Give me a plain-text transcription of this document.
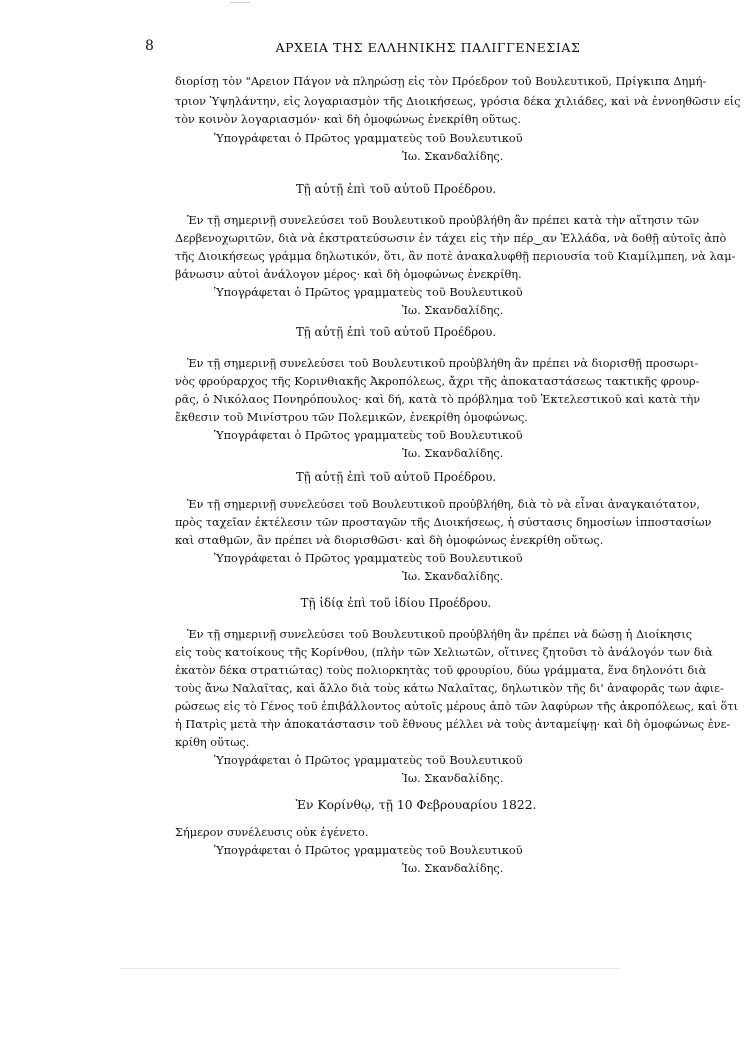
8	ΑΡΧΕΙΑ ΤΗΣ ΕΛΛΗΝΙΚΗΣ ΠΑΛΙΓΓΕΝΕΣΙΑΣ
διορίσῃ τὸν "Αρειον Πάγον νὰ πληρώσῃ εἰς τὸν Πρόεδρον τοῦ Βουλευτικοῦ, Πρίγκιπα Δημή-
τριον Ὑψηλάντην, εἰς λογαριασμὸν τῆς Διοικήσεως, γρόσια δέκα χιλιάδες, καὶ νὰ ἐννοηθῶσιν εἰς
τὸν κοινὸν λογαριασμόν· καὶ δὴ ὁμοφώνως ἐνεκρίθη οὕτως.
Ὑπογράφεται ὁ Πρῶτος γραμματεὺς τοῦ Βουλευτικοῦ
Ἰω. Σκανδαλίδης.
Τῇ αὐτῇ ἐπὶ τοῦ αὐτοῦ Προέδρου.
Ἐν τῇ σημερινῇ συνελεύσει τοῦ Βουλευτικοῦ προὐβλήθη ἂν πρέπει κατὰ τὴν αἴτησιν τῶν
Δερβενοχωριτῶν, διὰ νὰ ἐκστρατεύσωσιν ἐν τάχει εἰς τὴν πέρ‿αν Ἑλλάδα, νὰ δοθῇ αὐτοῖς ἀπὸ
τῆς Διοικήσεως γράμμα δηλωτικόν, ὅτι, ἂν ποτὲ ἀνακαλυφθῇ περιουσία τοῦ Κιαμίλμπεη, νὰ λαμ-
βάνωσιν αὐτοὶ ἀνάλογον μέρος· καὶ δὴ ὁμοφώνως ἐνεκρίθη.
Ὑπογράφεται ὁ Πρῶτος γραμματεὺς τοῦ Βουλευτικοῦ
Ἰω. Σκανδαλίδης.
Τῇ αὐτῇ ἐπὶ τοῦ αὐτοῦ Προέδρου.
Ἐν τῇ σημερινῇ συνελεύσει τοῦ Βουλευτικοῦ προὐβλήθη ἂν πρέπει νὰ διορισθῇ προσωρι-
νὸς φρούραρχος τῆς Κορινθιακῆς Ἀκροπόλεως, ἄχρι τῆς ἀποκαταστάσεως τακτικῆς φρουρ-
ρᾶς, ὁ Νικόλαος Πονηρόπουλος· καὶ δή, κατὰ τὸ πρόβλημα τοῦ Ἐκτελεστικοῦ καὶ κατὰ τὴν
ἔκθεσιν τοῦ Μινίστρου τῶν Πολεμικῶν, ἐνεκρίθη ὁμοφώνως.
Ὑπογράφεται ὁ Πρῶτος γραμματεὺς τοῦ Βουλευτικοῦ
Ἰω. Σκανδαλίδης.
Τῇ αὐτῇ ἐπὶ τοῦ αὐτοῦ Προέδρου.
Ἐν τῇ σημερινῇ συνελεύσει τοῦ Βουλευτικοῦ προὐβλήθη, διὰ τὸ νὰ εἶναι ἀναγκαιότατον,
πρὸς ταχεῖαν ἐκτέλεσιν τῶν προσταγῶν τῆς Διοικήσεως, ἡ σύστασις δημοσίων ἱπποστασίων
καὶ σταθμῶν, ἂν πρέπει νὰ διορισθῶσι· καὶ δὴ ὁμοφώνως ἐνεκρίθη οὕτως.
Ὑπογράφεται ὁ Πρῶτος γραμματεὺς τοῦ Βουλευτικοῦ
Ἰω. Σκανδαλίδης.
Τῇ ἰδίᾳ ἐπὶ τοῦ ἰδίου Προέδρου.
Ἐν τῇ σημερινῇ συνελεύσει τοῦ Βουλευτικοῦ προὐβλήθη ἂν πρέπει νὰ δώσῃ ἡ Διοίκησις
εἰς τοὺς κατοίκους τῆς Κορίνθου, (πλὴν τῶν Χελιωτῶν, οἵτινες ζητοῦσι τὸ ἀνάλογόν των διὰ
ἑκατὸν δέκα στρατιώτας) τοὺς πολιορκητὰς τοῦ φρουρίου, δύω γράμματα, ἕνα δηλονότι διὰ
τοὺς ἄνω Ναλαῖτας, καὶ ἄλλο διὰ τοὺς κάτω Ναλαῖτας, δηλωτικὸν τῆς δι' ἀναφορᾶς των ἀφιε-
ρώσεως εἰς τὸ Γένος τοῦ ἐπιβάλλοντος αὐτοῖς μέρους ἀπὸ τῶν λαφύρων τῆς ἀκροπόλεως, καὶ ὅτι
ἡ Πατρὶς μετὰ τὴν ἀποκατάστασιν τοῦ ἔθνους μέλλει νὰ τοὺς ἀνταμείψῃ· καὶ δὴ ὁμοφώνως ἐνε-
κρίθη οὕτως.
Ὑπογράφεται ὁ Πρῶτος γραμματεὺς τοῦ Βουλευτικοῦ
Ἰω. Σκανδαλίδης.
Ἐν Κορίνθῳ, τῇ 10 Φεβρουαρίου 1822.
Σήμερον συνέλευσις οὐκ ἐγένετο.
Ὑπογράφεται ὁ Πρῶτος γραμματεὺς τοῦ Βουλευτικοῦ
Ἰω. Σκανδαλίδης.
